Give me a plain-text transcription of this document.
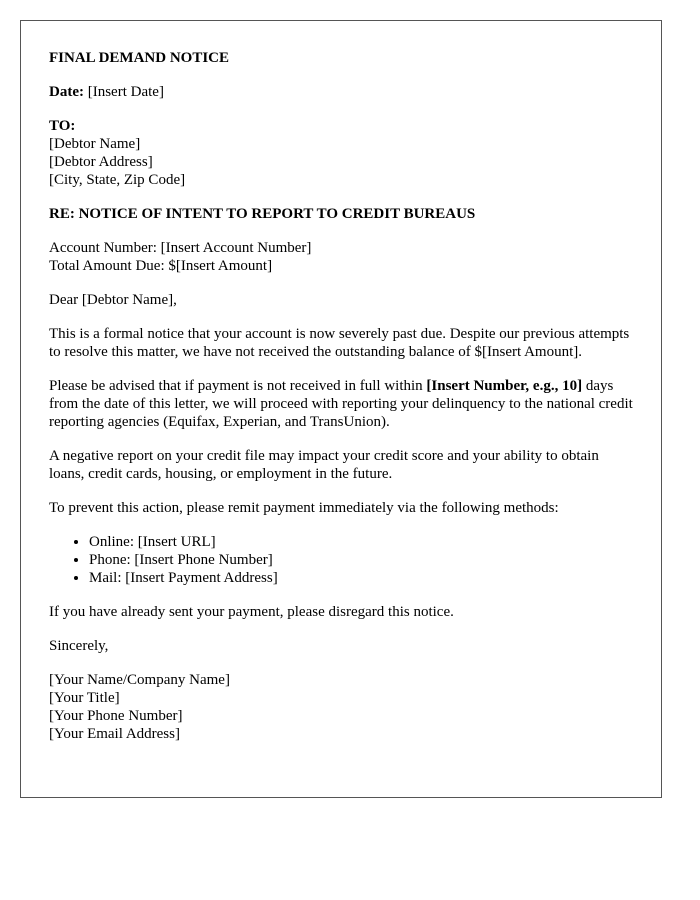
FINAL DEMAND NOTICE
Date: [Insert Date]
TO:
[Debtor Name]
[Debtor Address]
[City, State, Zip Code]
RE: NOTICE OF INTENT TO REPORT TO CREDIT BUREAUS
Account Number: [Insert Account Number]
Total Amount Due: $[Insert Amount]

Dear [Debtor Name],

This is a formal notice that your account is now severely past due. Despite our previous attempts to resolve this matter, we have not received the outstanding balance of $[Insert Amount].

Please be advised that if payment is not received in full within [Insert Number, e.g., 10] days from the date of this letter, we will proceed with reporting your delinquency to the national credit reporting agencies (Equifax, Experian, and TransUnion).

A negative report on your credit file may impact your credit score and your ability to obtain loans, credit cards, housing, or employment in the future.

To prevent this action, please remit payment immediately via the following methods:

• Online: [Insert URL]
• Phone: [Insert Phone Number]
• Mail: [Insert Payment Address]

If you have already sent your payment, please disregard this notice.

Sincerely,

[Your Name/Company Name]
[Your Title]
[Your Phone Number]
[Your Email Address]
